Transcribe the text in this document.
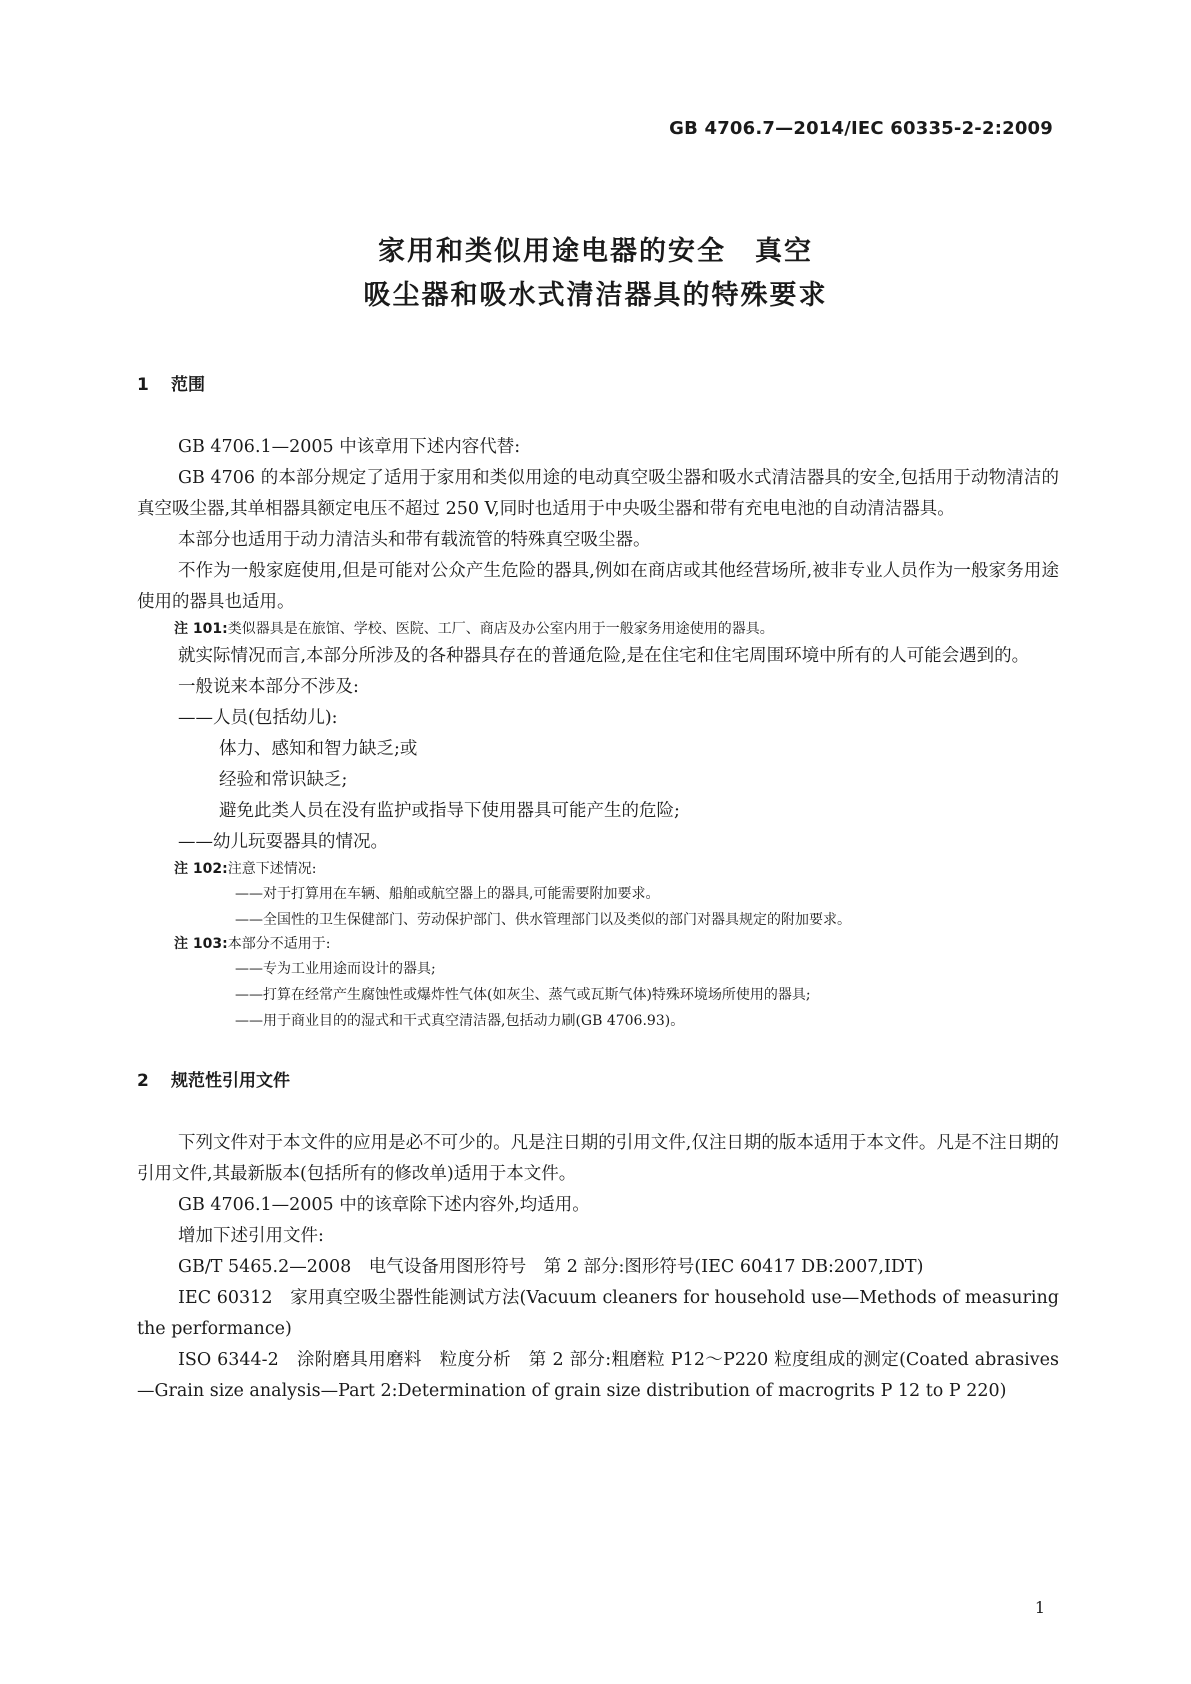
GB 4706.7—2014/IEC 60335-2-2:2009
家用和类似用途电器的安全　真空
吸尘器和吸水式清洁器具的特殊要求
1 范围

GB 4706.1—2005 中该章用下述内容代替:

GB 4706 的本部分规定了适用于家用和类似用途的电动真空吸尘器和吸水式清洁器具的安全,包括用于动物清洁的真空吸尘器,其单相器具额定电压不超过 250 V,同时也适用于中央吸尘器和带有充电电池的自动清洁器具。

本部分也适用于动力清洁头和带有载流管的特殊真空吸尘器。

不作为一般家庭使用,但是可能对公众产生危险的器具,例如在商店或其他经营场所,被非专业人员作为一般家务用途使用的器具也适用。

注 101:类似器具是在旅馆、学校、医院、工厂、商店及办公室内用于一般家务用途使用的器具。

就实际情况而言,本部分所涉及的各种器具存在的普通危险,是在住宅和住宅周围环境中所有的人可能会遇到的。

一般说来本部分不涉及:

——人员(包括幼儿):

体力、感知和智力缺乏;或

经验和常识缺乏;

避免此类人员在没有监护或指导下使用器具可能产生的危险;

——幼儿玩耍器具的情况。

注 102:注意下述情况:

——对于打算用在车辆、船舶或航空器上的器具,可能需要附加要求。

——全国性的卫生保健部门、劳动保护部门、供水管理部门以及类似的部门对器具规定的附加要求。

注 103:本部分不适用于:

——专为工业用途而设计的器具;

——打算在经常产生腐蚀性或爆炸性气体(如灰尘、蒸气或瓦斯气体)特殊环境场所使用的器具;

——用于商业目的的湿式和干式真空清洁器,包括动力刷(GB 4706.93)。

2 规范性引用文件

下列文件对于本文件的应用是必不可少的。凡是注日期的引用文件,仅注日期的版本适用于本文件。凡是不注日期的引用文件,其最新版本(包括所有的修改单)适用于本文件。

GB 4706.1—2005 中的该章除下述内容外,均适用。

增加下述引用文件:

GB/T 5465.2—2008　电气设备用图形符号　第 2 部分:图形符号(IEC 60417 DB:2007,IDT)

IEC 60312　家用真空吸尘器性能测试方法(Vacuum cleaners for household use—Methods of measuring the performance)

ISO 6344-2　涂附磨具用磨料　粒度分析　第 2 部分:粗磨粒 P12～P220 粒度组成的测定(Coated abrasives—Grain size analysis—Part 2:Determination of grain size distribution of macrogrits P 12 to P 220)

1
